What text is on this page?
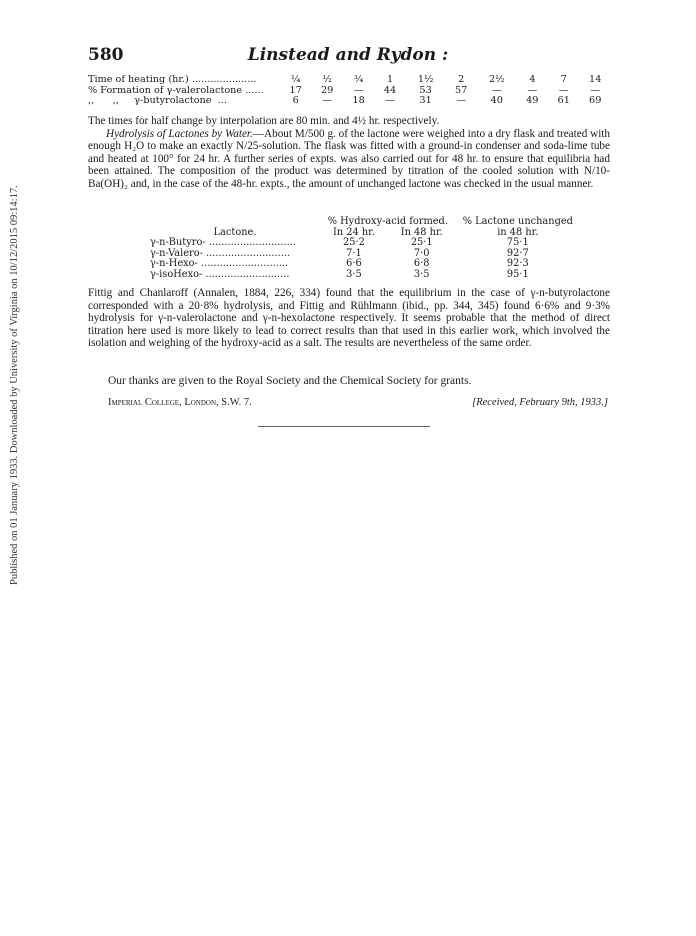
Published on 01 January 1933. Downloaded by University of Virginia on 10/12/2015 09:14:17.
580	Linstead and Rydon :
Time of heating (hr.) .....................	¼	½	¾	1	1½	2	2½	4	7	14
% Formation of γ-valerolactone ......	17	29	—	44	53	57	—	—	—	—
,,      ,,     γ-butyrolactone  ...	6	—	18	—	31	—	40	49	61	69

The times for half change by interpolation are 80 min. and 4½ hr. respectively.

Hydrolysis of Lactones by Water.—About M/500 g. of the lactone were weighed into a dry flask and treated with enough H₂O to make an exactly N/25-solution. The flask was fitted with a ground-in condenser and soda-lime tube and heated at 100° for 24 hr. A further series of expts. was also carried out for 48 hr. to ensure that equilibria had been attained. The composition of the product was determined by titration of the cooled solution with N/10-Ba(OH)₂ and, in the case of the 48-hr. expts., the amount of unchanged lactone was checked in the usual manner.

	% Hydroxy-acid formed.		% Lactone unchanged
Lactone.	In 24 hr.	In 48 hr.	in 48 hr.
γ-n-Butyro- ............................	25·2	25·1	75·1
γ-n-Valero- ...........................	7·1	7·0	92·7
γ-n-Hexo- ............................	6·6	6·8	92·3
γ-isoHexo- ...........................	3·5	3·5	95·1

Fittig and Chanlaroff (Annalen, 1884, 226, 334) found that the equilibrium in the case of γ-n-butyrolactone corresponded with a 20·8% hydrolysis, and Fittig and Rühlmann (ibid., pp. 344, 345) found 6·6% and 9·3% hydrolysis for γ-n-valerolactone and γ-n-hexolactone respectively. It seems probable that the method of direct titration here used is more likely to lead to correct results than that used in this earlier work, which involved the isolation and weighing of the hydroxy-acid as a salt. The results are nevertheless of the same order.

Our thanks are given to the Royal Society and the Chemical Society for grants.
Imperial College, London, S.W. 7.	[Received, February 9th, 1933.]
